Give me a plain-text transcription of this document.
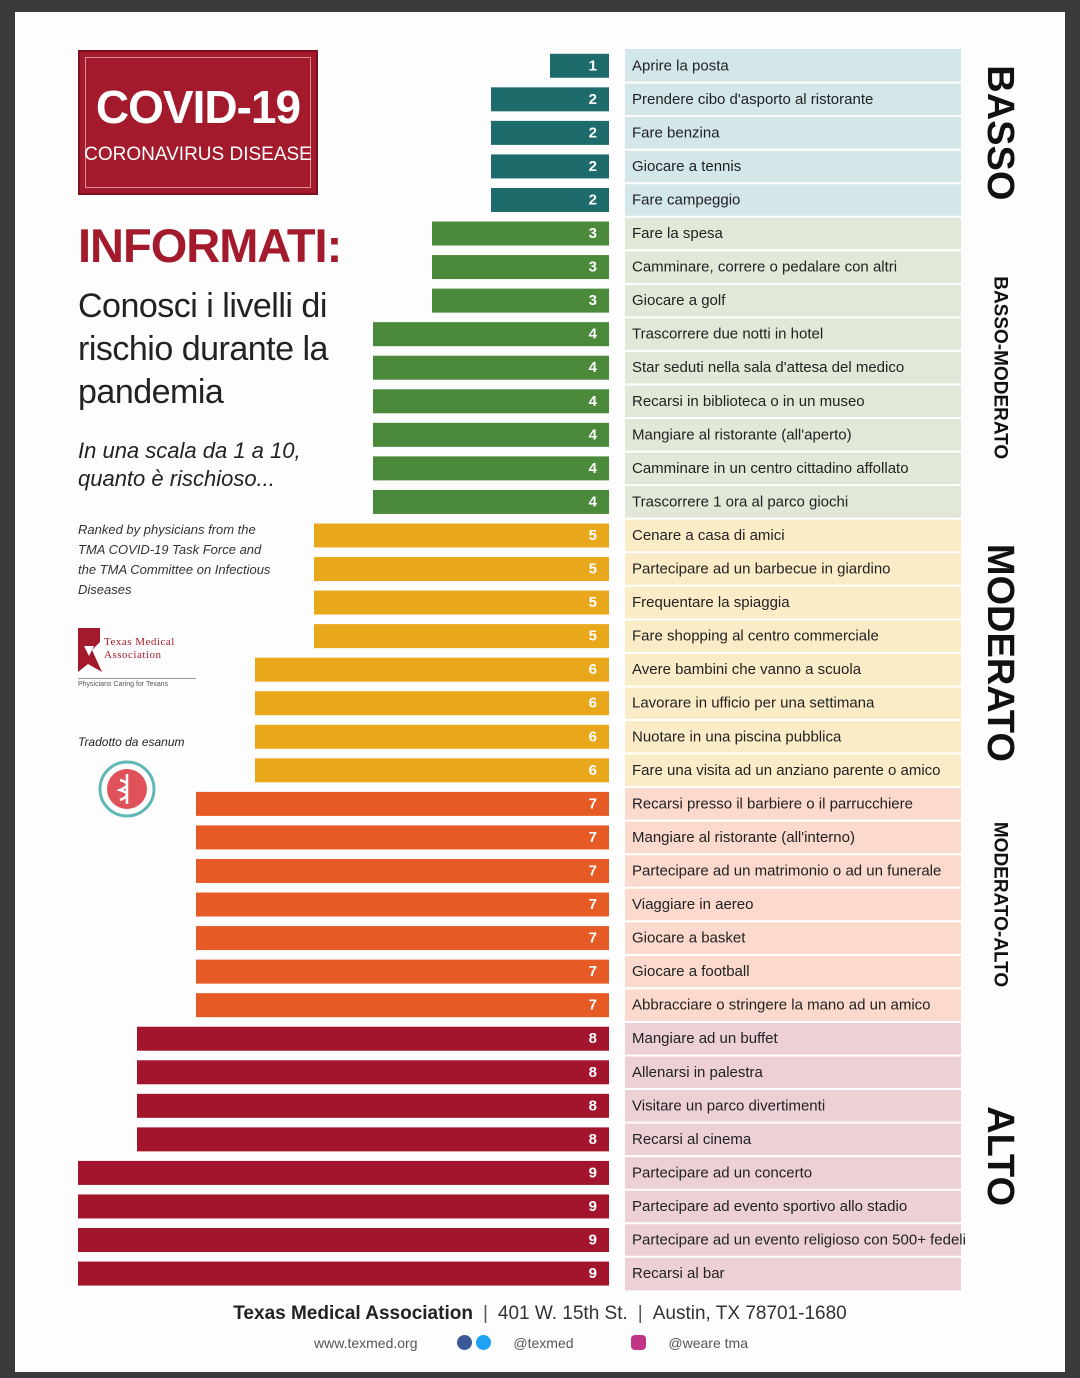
COVID-19
CORONAVIRUS DISEASE
INFORMATI:
Conosci i livelli di rischio durante la pandemia
In una scala da 1 a 10, quanto è rischioso...
Ranked by physicians from the TMA COVID-19 Task Force and the TMA Committee on Infectious Diseases
Texas Medical Association
Physicians Caring for Texans
Tradotto da esanum
BASSO
BASSO-MODERATO
MODERATO
MODERATO-ALTO
ALTO
1 Aprire la posta
2 Prendere cibo d'asporto al ristorante
2 Fare benzina
2 Giocare a tennis
2 Fare campeggio
3 Fare la spesa
3 Camminare, correre o pedalare con altri
3 Giocare a golf
4 Trascorrere due notti in hotel
4 Star seduti nella sala d'attesa del medico
4 Recarsi in biblioteca o in un museo
4 Mangiare al ristorante (all'aperto)
4 Camminare in un centro cittadino affollato
4 Trascorrere 1 ora al parco giochi
5 Cenare a casa di amici
5 Partecipare ad un barbecue in giardino
5 Frequentare la spiaggia
5 Fare shopping al centro commerciale
6 Avere bambini che vanno a scuola
6 Lavorare in ufficio per una settimana
6 Nuotare in una piscina pubblica
6 Fare una visita ad un anziano parente o amico
7 Recarsi presso il barbiere o il parrucchiere
7 Mangiare al ristorante (all'interno)
7 Partecipare ad un matrimonio o ad un funerale
7 Viaggiare in aereo
7 Giocare a basket
7 Giocare a football
7 Abbracciare o stringere la mano ad un amico
8 Mangiare ad un buffet
8 Allenarsi in palestra
8 Visitare un parco divertimenti
8 Recarsi al cinema
9 Partecipare ad un concerto
9 Partecipare ad evento sportivo allo stadio
9 Partecipare ad un evento religioso con 500+ fedeli
9 Recarsi al bar
Texas Medical Association | 401 W. 15th St. | Austin, TX 78701-1680
www.texmed.org	@texmed	@weare tma
